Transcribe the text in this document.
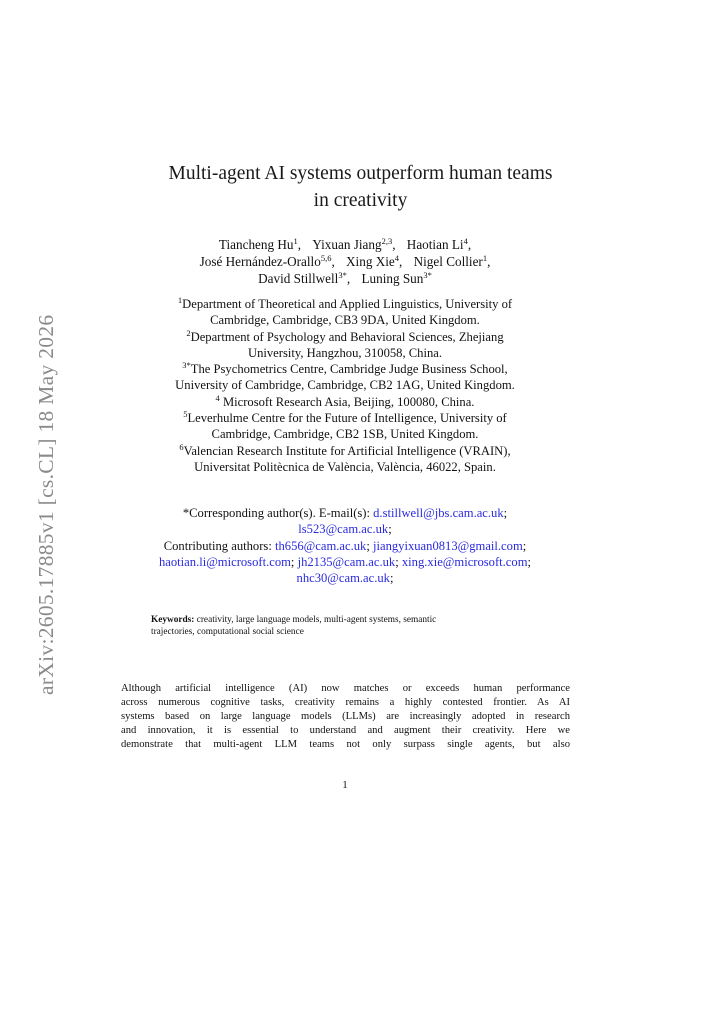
arXiv:2605.17885v1 [cs.CL] 18 May 2026
Multi-agent AI systems outperform human teams
in creativity
Tiancheng Hu$^1$, Yixuan Jiang$^{2,3}$, Haotian Li$^4$,
José Hernández-Orallo$^{5,6}$, Xing Xie$^4$, Nigel Collier$^1$,
David Stillwell$^{3*}$, Luning Sun$^{3*}$
$^1$Department of Theoretical and Applied Linguistics, University of
Cambridge, Cambridge, CB3 9DA, United Kingdom.
$^2$Department of Psychology and Behavioral Sciences, Zhejiang
University, Hangzhou, 310058, China.
$^{3*}$The Psychometrics Centre, Cambridge Judge Business School,
University of Cambridge, Cambridge, CB2 1AG, United Kingdom.
$^4$ Microsoft Research Asia, Beijing, 100080, China.
$^5$Leverhulme Centre for the Future of Intelligence, University of
Cambridge, Cambridge, CB2 1SB, United Kingdom.
$^6$Valencian Research Institute for Artificial Intelligence (VRAIN),
Universitat Politècnica de València, València, 46022, Spain.
*Corresponding author(s). E-mail(s): d.stillwell@jbs.cam.ac.uk;
ls523@cam.ac.uk;
Contributing authors: th656@cam.ac.uk; jiangyixuan0813@gmail.com;
haotian.li@microsoft.com; jh2135@cam.ac.uk; xing.xie@microsoft.com;
nhc30@cam.ac.uk;
Keywords: creativity, large language models, multi-agent systems, semantic
trajectories, computational social science
Although artificial intelligence (AI) now matches or exceeds human performance
across numerous cognitive tasks, creativity remains a highly contested frontier. As AI
systems based on large language models (LLMs) are increasingly adopted in research
and innovation, it is essential to understand and augment their creativity. Here we
demonstrate that multi-agent LLM teams not only surpass single agents, but also
1
